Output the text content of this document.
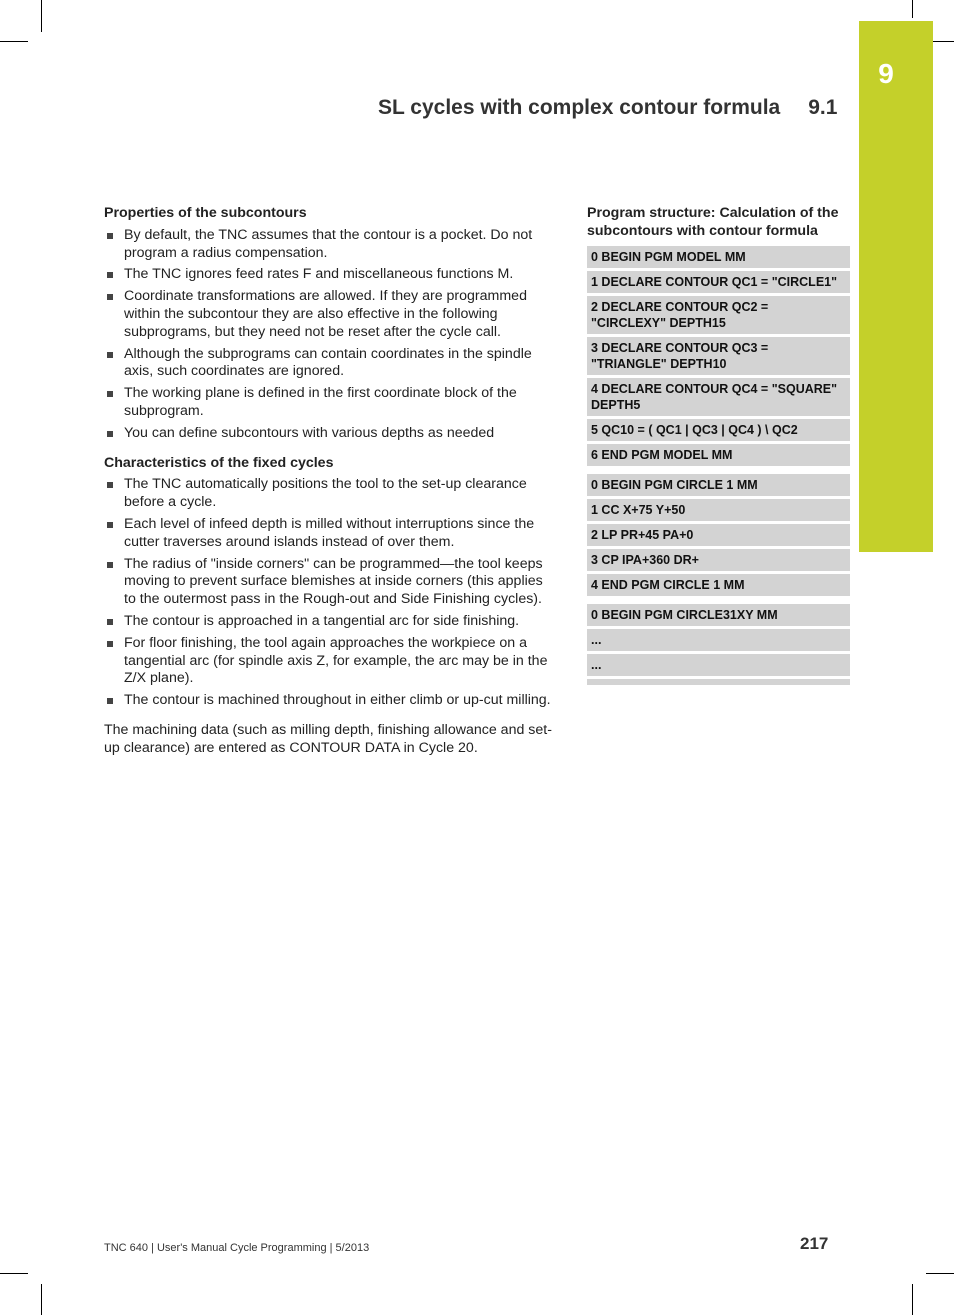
9
SL cycles with complex contour formula 9.1
Properties of the subcontours
By default, the TNC assumes that the contour is a pocket. Do not program a radius compensation.
The TNC ignores feed rates F and miscellaneous functions M.
Coordinate transformations are allowed. If they are programmed within the subcontour they are also effective in the following subprograms, but they need not be reset after the cycle call.
Although the subprograms can contain coordinates in the spindle axis, such coordinates are ignored.
The working plane is defined in the first coordinate block of the subprogram.
You can define subcontours with various depths as needed
Characteristics of the fixed cycles
The TNC automatically positions the tool to the set-up clearance before a cycle.
Each level of infeed depth is milled without interruptions since the cutter traverses around islands instead of over them.
The radius of "inside corners" can be programmed—the tool keeps moving to prevent surface blemishes at inside corners (this applies to the outermost pass in the Rough-out and Side Finishing cycles).
The contour is approached in a tangential arc for side finishing.
For floor finishing, the tool again approaches the workpiece on a tangential arc (for spindle axis Z, for example, the arc may be in the Z/X plane).
The contour is machined throughout in either climb or up-cut milling.
The machining data (such as milling depth, finishing allowance and set-up clearance) are entered as CONTOUR DATA in Cycle 20.
Program structure: Calculation of the subcontours with contour formula
0 BEGIN PGM MODEL MM
1 DECLARE CONTOUR QC1 = "CIRCLE1"
2 DECLARE CONTOUR QC2 = "CIRCLEXY" DEPTH15
3 DECLARE CONTOUR QC3 = "TRIANGLE" DEPTH10
4 DECLARE CONTOUR QC4 = "SQUARE" DEPTH5
5 QC10 = ( QC1 | QC3 | QC4 ) \ QC2
6 END PGM MODEL MM
0 BEGIN PGM CIRCLE 1 MM
1 CC X+75 Y+50
2 LP PR+45 PA+0
3 CP IPA+360 DR+
4 END PGM CIRCLE 1 MM
0 BEGIN PGM CIRCLE31XY MM
...
...
TNC 640 | User's Manual Cycle Programming | 5/2013	217
